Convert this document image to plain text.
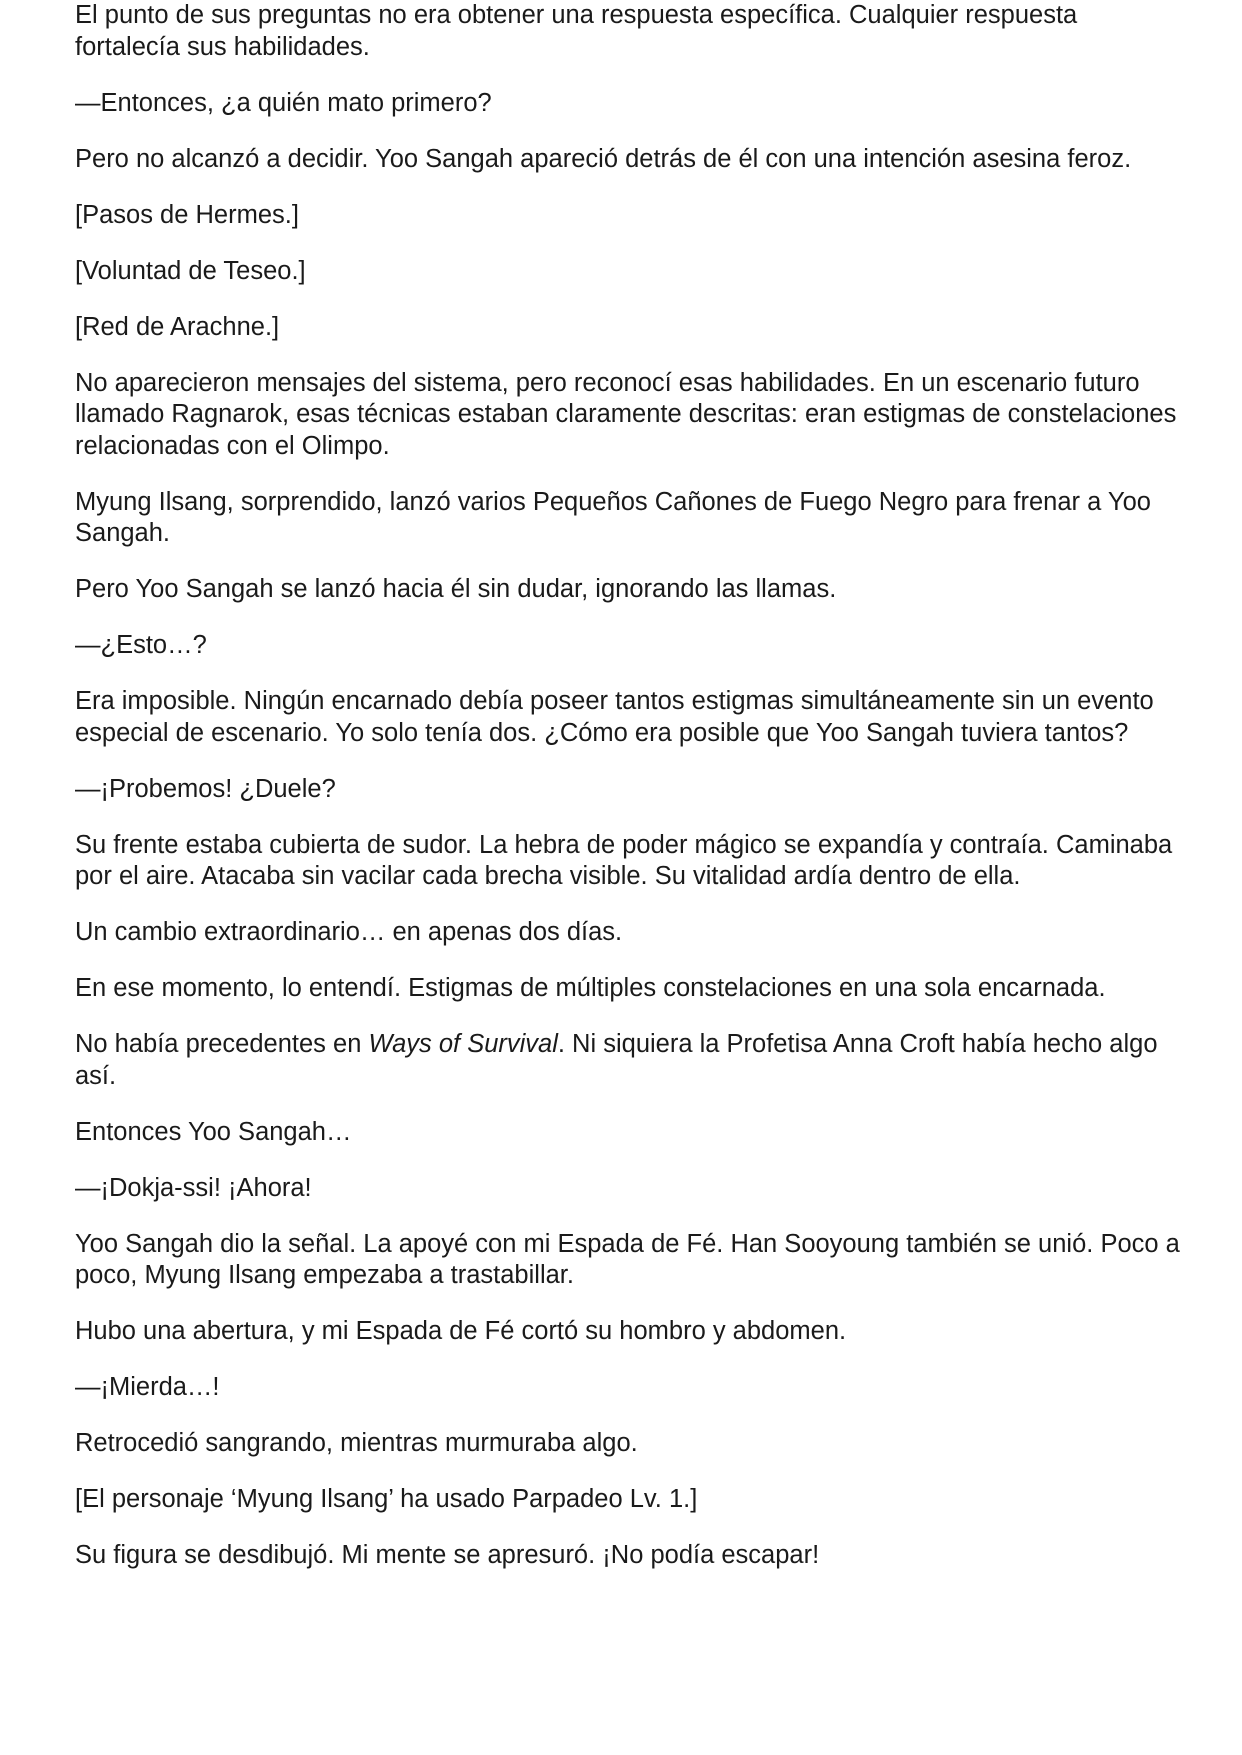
El punto de sus preguntas no era obtener una respuesta específica. Cualquier respuesta fortalecía sus habilidades.

—Entonces, ¿a quién mato primero?

Pero no alcanzó a decidir. Yoo Sangah apareció detrás de él con una intención asesina feroz.

[Pasos de Hermes.]

[Voluntad de Teseo.]

[Red de Arachne.]

No aparecieron mensajes del sistema, pero reconocí esas habilidades. En un escenario futuro llamado Ragnarok, esas técnicas estaban claramente descritas: eran estigmas de constelaciones relacionadas con el Olimpo.

Myung Ilsang, sorprendido, lanzó varios Pequeños Cañones de Fuego Negro para frenar a Yoo Sangah.

Pero Yoo Sangah se lanzó hacia él sin dudar, ignorando las llamas.

—¿Esto…?

Era imposible. Ningún encarnado debía poseer tantos estigmas simultáneamente sin un evento especial de escenario. Yo solo tenía dos. ¿Cómo era posible que Yoo Sangah tuviera tantos?

—¡Probemos! ¿Duele?

Su frente estaba cubierta de sudor. La hebra de poder mágico se expandía y contraía. Caminaba por el aire. Atacaba sin vacilar cada brecha visible. Su vitalidad ardía dentro de ella.

Un cambio extraordinario… en apenas dos días.

En ese momento, lo entendí. Estigmas de múltiples constelaciones en una sola encarnada.

No había precedentes en Ways of Survival. Ni siquiera la Profetisa Anna Croft había hecho algo así.

Entonces Yoo Sangah…

—¡Dokja-ssi! ¡Ahora!

Yoo Sangah dio la señal. La apoyé con mi Espada de Fé. Han Sooyoung también se unió. Poco a poco, Myung Ilsang empezaba a trastabillar.

Hubo una abertura, y mi Espada de Fé cortó su hombro y abdomen.

—¡Mierda…!

Retrocedió sangrando, mientras murmuraba algo.

[El personaje ‘Myung Ilsang’ ha usado Parpadeo Lv. 1.]

Su figura se desdibujó. Mi mente se apresuró. ¡No podía escapar!
